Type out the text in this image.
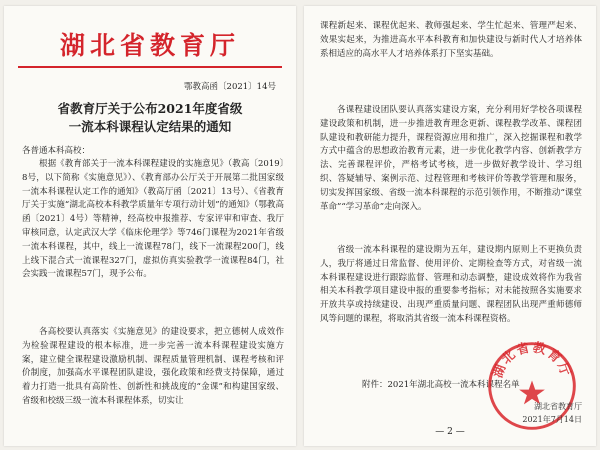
湖北省教育厅
鄂教高函〔2021〕14号
省教育厅关于公布2021年度省级
一流本科课程认定结果的通知
各普通本科高校：
根据《教育部关于一流本科课程建设的实施意见》（教高〔2019〕8号，以下简称《实施意见》）、《教育部办公厅关于开展第二批国家级一流本科课程认定工作的通知》（教高厅函〔2021〕13号）、《省教育厅关于实施“湖北高校本科教学质量年专项行动计划”的通知》（鄂教高函〔2021〕4号）等精神，经高校申报推荐、专家评审和审查、我厅审核同意，认定武汉大学《临床伦理学》等746门课程为2021年省级一流本科课程，其中，线上一流课程78门，线下一流课程200门，线上线下混合式一流课程327门，虚拟仿真实验教学一流课程84门，社会实践一流课程57门，现予公布。
各高校要认真落实《实施意见》的建设要求，把立德树人成效作为检验课程建设的根本标准，进一步完善一流本科课程建设实施方案，建立健全课程建设激励机制、课程质量管理机制、课程考核和评价制度，加强高水平课程团队建设，强化政策和经费支持保障，通过着力打造一批具有高阶性、创新性和挑战度的“金课”和构建国家级、省级和校级三级一流本科课程体系，切实让
课程新起来、课程优起来、教师强起来、学生忙起来、管理严起来、效果实起来，为推进高水平本科教育和加快建设与新时代人才培养体系相适应的高水平人才培养体系打下坚实基础。
各课程建设团队要认真落实建设方案，充分利用好学校各项课程建设政策和机制，进一步推进教育理念更新、课程教学改革、课程团队建设和教研能力提升，课程资源应用和推广，深入挖掘课程和教学方式中蕴含的思想政治教育元素，进一步优化教学内容、创新教学方法、完善课程评价，严格考试考核，进一步做好教学设计、学习组织、答疑辅导、案例示范、过程管理和考核评价等教学管理和服务，切实发挥国家级、省级一流本科课程的示范引领作用，不断推动“课堂革命”“学习革命”走向深入。
省级一流本科课程的建设期为五年，建设期内原则上不更换负责人，我厅将通过日常监督、使用评价、定期检查等方式，对省级一流本科课程建设进行跟踪监督、管理和动态调整，建设成效将作为我省相关本科教学项目建设申报的重要参考指标；对未能按照各实施要求开放共享或持续建设、出现严重质量问题、课程团队出现严重师德师风等问题的课程，将取消其省级一流本科课程资格。
附件：2021年湖北高校一流本科课程名单
湖北省教育厅
湖北省教育厅
2021年7月14日
— 2 —
